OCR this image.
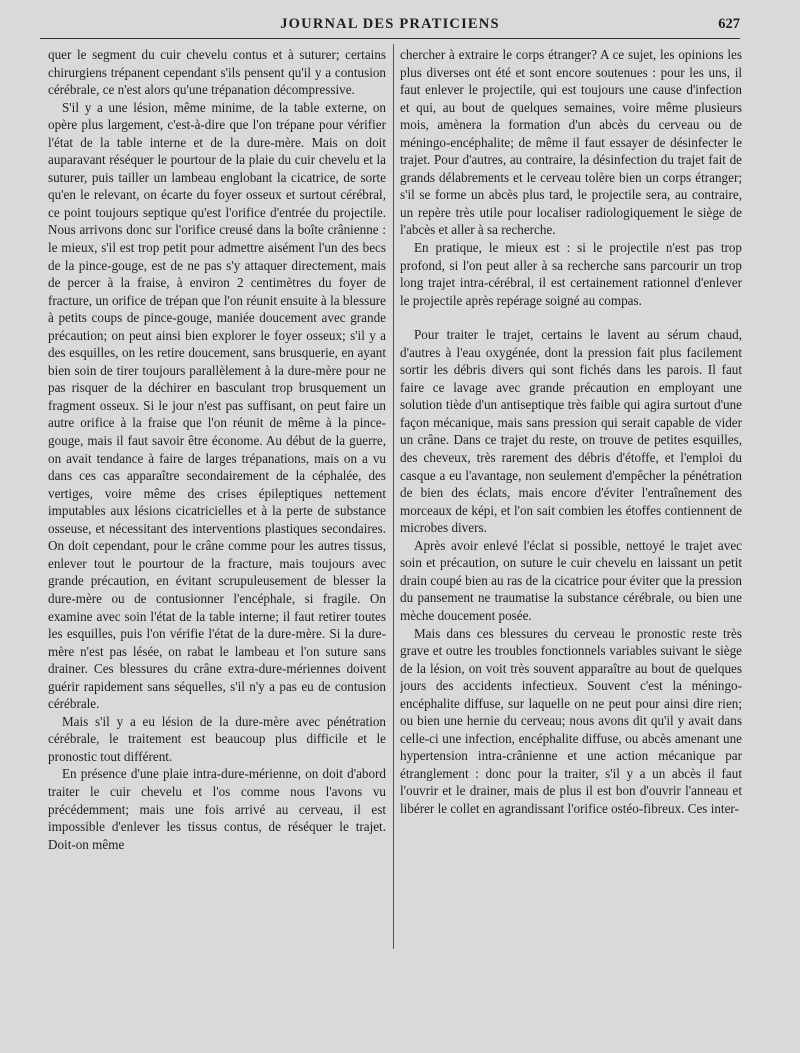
JOURNAL DES PRATICIENS	627

quer le segment du cuir chevelu contus et à suturer; certains chirurgiens trépanent cependant s'ils pensent qu'il y a contusion cérébrale, ce n'est alors qu'une trépanation décompressive.

S'il y a une lésion, même minime, de la table externe, on opère plus largement, c'est-à-dire que l'on trépane pour vérifier l'état de la table interne et de la dure-mère. Mais on doit auparavant réséquer le pourtour de la plaie du cuir chevelu et la suturer, puis tailler un lambeau englobant la cicatrice, de sorte qu'en le relevant, on écarte du foyer osseux et surtout cérébral, ce point toujours septique qu'est l'orifice d'entrée du projectile. Nous arrivons donc sur l'orifice creusé dans la boîte crânienne : le mieux, s'il est trop petit pour admettre aisément l'un des becs de la pince-gouge, est de ne pas s'y attaquer directement, mais de percer à la fraise, à environ 2 centimètres du foyer de fracture, un orifice de trépan que l'on réunit ensuite à la blessure à petits coups de pince-gouge, maniée doucement avec grande précaution; on peut ainsi bien explorer le foyer osseux; s'il y a des esquilles, on les retire doucement, sans brusquerie, en ayant bien soin de tirer toujours parallèlement à la dure-mère pour ne pas risquer de la déchirer en basculant trop brusquement un fragment osseux. Si le jour n'est pas suffisant, on peut faire un autre orifice à la fraise que l'on réunit de même à la pince-gouge, mais il faut savoir être économe. Au début de la guerre, on avait tendance à faire de larges trépanations, mais on a vu dans ces cas apparaître secondairement de la céphalée, des vertiges, voire même des crises épileptiques nettement imputables aux lésions cicatricielles et à la perte de substance osseuse, et nécessitant des interventions plastiques secondaires. On doit cependant, pour le crâne comme pour les autres tissus, enlever tout le pourtour de la fracture, mais toujours avec grande précaution, en évitant scrupuleusement de blesser la dure-mère ou de contusionner l'encéphale, si fragile. On examine avec soin l'état de la table interne; il faut retirer toutes les esquilles, puis l'on vérifie l'état de la dure-mère. Si la dure-mère n'est pas lésée, on rabat le lambeau et l'on suture sans drainer. Ces blessures du crâne extra-dure-mériennes doivent guérir rapidement sans séquelles, s'il n'y a pas eu de contusion cérébrale.

Mais s'il y a eu lésion de la dure-mère avec pénétration cérébrale, le traitement est beaucoup plus difficile et le pronostic tout différent.

En présence d'une plaie intra-dure-mérienne, on doit d'abord traiter le cuir chevelu et l'os comme nous l'avons vu précédemment; mais une fois arrivé au cerveau, il est impossible d'enlever les tissus contus, de réséquer le trajet. Doit-on même

chercher à extraire le corps étranger? A ce sujet, les opinions les plus diverses ont été et sont encore soutenues : pour les uns, il faut enlever le projectile, qui est toujours une cause d'infection et qui, au bout de quelques semaines, voire même plusieurs mois, amènera la formation d'un abcès du cerveau ou de méningo-encéphalite; de même il faut essayer de désinfecter le trajet. Pour d'autres, au contraire, la désinfection du trajet fait de grands délabrements et le cerveau tolère bien un corps étranger; s'il se forme un abcès plus tard, le projectile sera, au contraire, un repère très utile pour localiser radiologiquement le siège de l'abcès et aller à sa recherche.

En pratique, le mieux est : si le projectile n'est pas trop profond, si l'on peut aller à sa recherche sans parcourir un trop long trajet intra-cérébral, il est certainement rationnel d'enlever le projectile après repérage soigné au compas.

Pour traiter le trajet, certains le lavent au sérum chaud, d'autres à l'eau oxygénée, dont la pression fait plus facilement sortir les débris divers qui sont fichés dans les parois. Il faut faire ce lavage avec grande précaution en employant une solution tiède d'un antiseptique très faible qui agira surtout d'une façon mécanique, mais sans pression qui serait capable de vider un crâne. Dans ce trajet du reste, on trouve de petites esquilles, des cheveux, très rarement des débris d'étoffe, et l'emploi du casque a eu l'avantage, non seulement d'empêcher la pénétration de bien des éclats, mais encore d'éviter l'entraînement des morceaux de képi, et l'on sait combien les étoffes contiennent de microbes divers.

Après avoir enlevé l'éclat si possible, nettoyé le trajet avec soin et précaution, on suture le cuir chevelu en laissant un petit drain coupé bien au ras de la cicatrice pour éviter que la pression du pansement ne traumatise la substance cérébrale, ou bien une mèche doucement posée.

Mais dans ces blessures du cerveau le pronostic reste très grave et outre les troubles fonctionnels variables suivant le siège de la lésion, on voit très souvent apparaître au bout de quelques jours des accidents infectieux. Souvent c'est la méningo-encéphalite diffuse, sur laquelle on ne peut pour ainsi dire rien; ou bien une hernie du cerveau; nous avons dit qu'il y avait dans celle-ci une infection, encéphalite diffuse, ou abcès amenant une hypertension intra-crânienne et une action mécanique par étranglement : donc pour la traiter, s'il y a un abcès il faut l'ouvrir et le drainer, mais de plus il est bon d'ouvrir l'anneau et libérer le collet en agrandissant l'orifice ostéo-fibreux. Ces inter-
